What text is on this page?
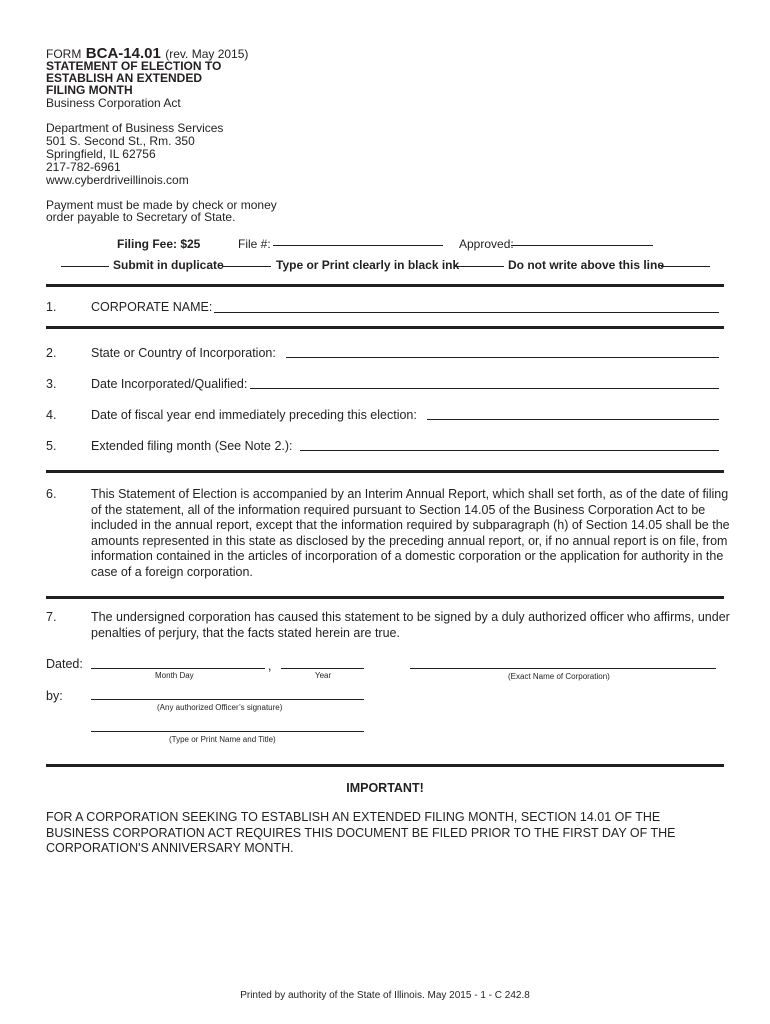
FORM BCA-14.01 (rev. May 2015)
STATEMENT OF ELECTION TO
ESTABLISH AN EXTENDED
FILING MONTH
Business Corporation Act
Department of Business Services
501 S. Second St., Rm. 350
Springfield, IL 62756
217-782-6961
www.cyberdriveillinois.com
Payment must be made by check or money
order payable to Secretary of State.
Filing Fee: $25	File #:	Approved:
Submit in duplicate	Type or Print clearly in black ink	Do not write above this line
1.	CORPORATE NAME:
2.	State or Country of Incorporation:
3.	Date Incorporated/Qualified:
4.	Date of fiscal year end immediately preceding this election:
5.	Extended filing month (See Note 2.):
6.	This Statement of Election is accompanied by an Interim Annual Report, which shall set forth, as of the date of filing of the statement, all of the information required pursuant to Section 14.05 of the Business Corporation Act to be included in the annual report, except that the information required by subparagraph (h) of Section 14.05 shall be the amounts represented in this state as disclosed by the preceding annual report, or, if no annual report is on file, from information contained in the articles of incorporation of a domestic corporation or the application for authority in the case of a foreign corporation.
7.	The undersigned corporation has caused this statement to be signed by a duly authorized officer who affirms, under penalties of perjury, that the facts stated herein are true.
Dated:	,
Month Day	Year	(Exact Name of Corporation)
by:
(Any authorized Officer’s signature)
(Type or Print Name and Title)
IMPORTANT!
FOR A CORPORATION SEEKING TO ESTABLISH AN EXTENDED FILING MONTH, SECTION 14.01 OF THE BUSINESS CORPORATION ACT REQUIRES THIS DOCUMENT BE FILED PRIOR TO THE FIRST DAY OF THE CORPORATION'S ANNIVERSARY MONTH.
Printed by authority of the State of Illinois. May 2015 - 1 - C 242.8
